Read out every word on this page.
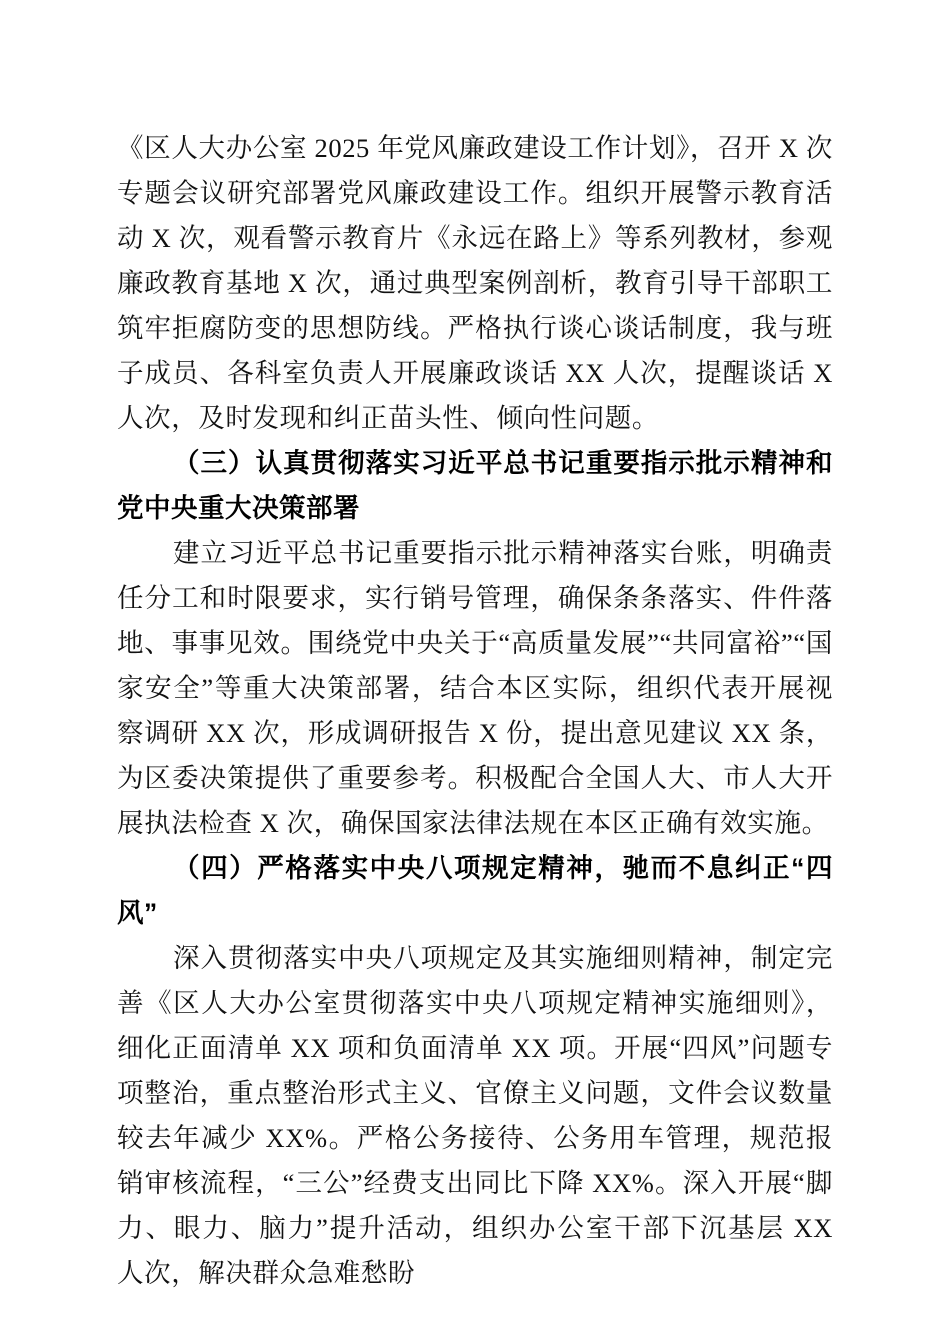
《区人大办公室 2025 年党风廉政建设工作计划》，召开 X 次专题会议研究部署党风廉政建设工作。组织开展警示教育活动 X 次，观看警示教育片《永远在路上》等系列教材，参观廉政教育基地 X 次，通过典型案例剖析，教育引导干部职工筑牢拒腐防变的思想防线。严格执行谈心谈话制度，我与班子成员、各科室负责人开展廉政谈话 XX 人次，提醒谈话 X 人次，及时发现和纠正苗头性、倾向性问题。

（三）认真贯彻落实习近平总书记重要指示批示精神和党中央重大决策部署

建立习近平总书记重要指示批示精神落实台账，明确责任分工和时限要求，实行销号管理，确保条条落实、件件落地、事事见效。围绕党中央关于“高质量发展”“共同富裕”“国家安全”等重大决策部署，结合本区实际，组织代表开展视察调研 XX 次，形成调研报告 X 份，提出意见建议 XX 条，为区委决策提供了重要参考。积极配合全国人大、市人大开展执法检查 X 次，确保国家法律法规在本区正确有效实施。

（四）严格落实中央八项规定精神，驰而不息纠正“四风”

深入贯彻落实中央八项规定及其实施细则精神，制定完善《区人大办公室贯彻落实中央八项规定精神实施细则》，细化正面清单 XX 项和负面清单 XX 项。开展“四风”问题专项整治，重点整治形式主义、官僚主义问题，文件会议数量较去年减少 XX%。严格公务接待、公务用车管理，规范报销审核流程，“三公”经费支出同比下降 XX%。深入开展“脚力、眼力、脑力”提升活动，组织办公室干部下沉基层 XX 人次，解决群众急难愁盼
